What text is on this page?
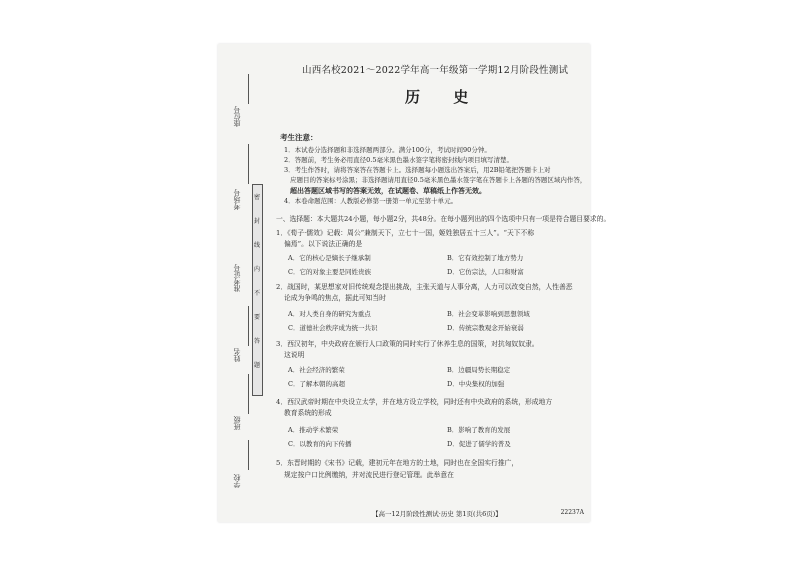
座位号
考场号
准考证号
姓名
班级
学校
密
封
线
内
不
要
答
题
山西名校2021～2022学年高一年级第一学期12月阶段性测试
历 史
考生注意：
1．本试卷分选择题和非选择题两部分。满分100分，考试时间90分钟。
2．答题前，考生务必用直径0.5毫米黑色墨水签字笔将密封线内项目填写清楚。
3．考生作答时，请将答案答在答题卡上。选择题每小题选出答案后，用2B铅笔把答题卡上对
应题目的答案标号涂黑；非选择题请用直径0.5毫米黑色墨水签字笔在答题卡上各题的答题区域内作答，
超出答题区域书写的答案无效，在试题卷、草稿纸上作答无效。
4．本卷命题范围：人教版必修第一册第一单元至第十单元。
一、选择题：本大题共24小题，每小题2分，共48分。在每小题列出的四个选项中只有一项是符合题目要求的。
1．《荀子·儒效》记载：周公“兼制天下，立七十一国，姬姓独居五十三人”。“天下不称
偏焉”。以下说法正确的是
A．它的核心是嫡长子继承制	B．它有效控制了地方势力
C．它的对象主要是同姓贵族	D．它仿宗法，人口和财富
2．战国时，某思想家对旧传统观念提出挑战，主张天道与人事分离，人力可以改变自然，人性善恶
论成为争鸣的焦点，据此可知当时
A．对人类自身的研究为重点	B．社会变革影响到思想领域
C．道德社会秩序成为统一共识	D．传统宗教观念开始衰弱
3．西汉初年，中央政府在颁行人口政策的同时实行了休养生息的国策，对抗匈奴奴隶。
这说明
A．社会经济的繁荣	B．边疆局势长期稳定
C．了解本朝的高超	D．中央集权的加强
4．西汉武帝时期在中央设立太学，并在地方设立学校，同时还有中央政府的系统，形成地方
教育系统的形成
A．推动学术繁荣	B．影响了教育的发展
C．以教育的向下传播	D．促进了儒学的普及
5．东晋时期的《宋书》记载，建初元年在地方的土地，同时也在全国实行推广，
规定按户口比例缴纳，并对流民进行登记管理。此举意在
【高一12月阶段性测试·历史 第1页(共6页)】	22237A
